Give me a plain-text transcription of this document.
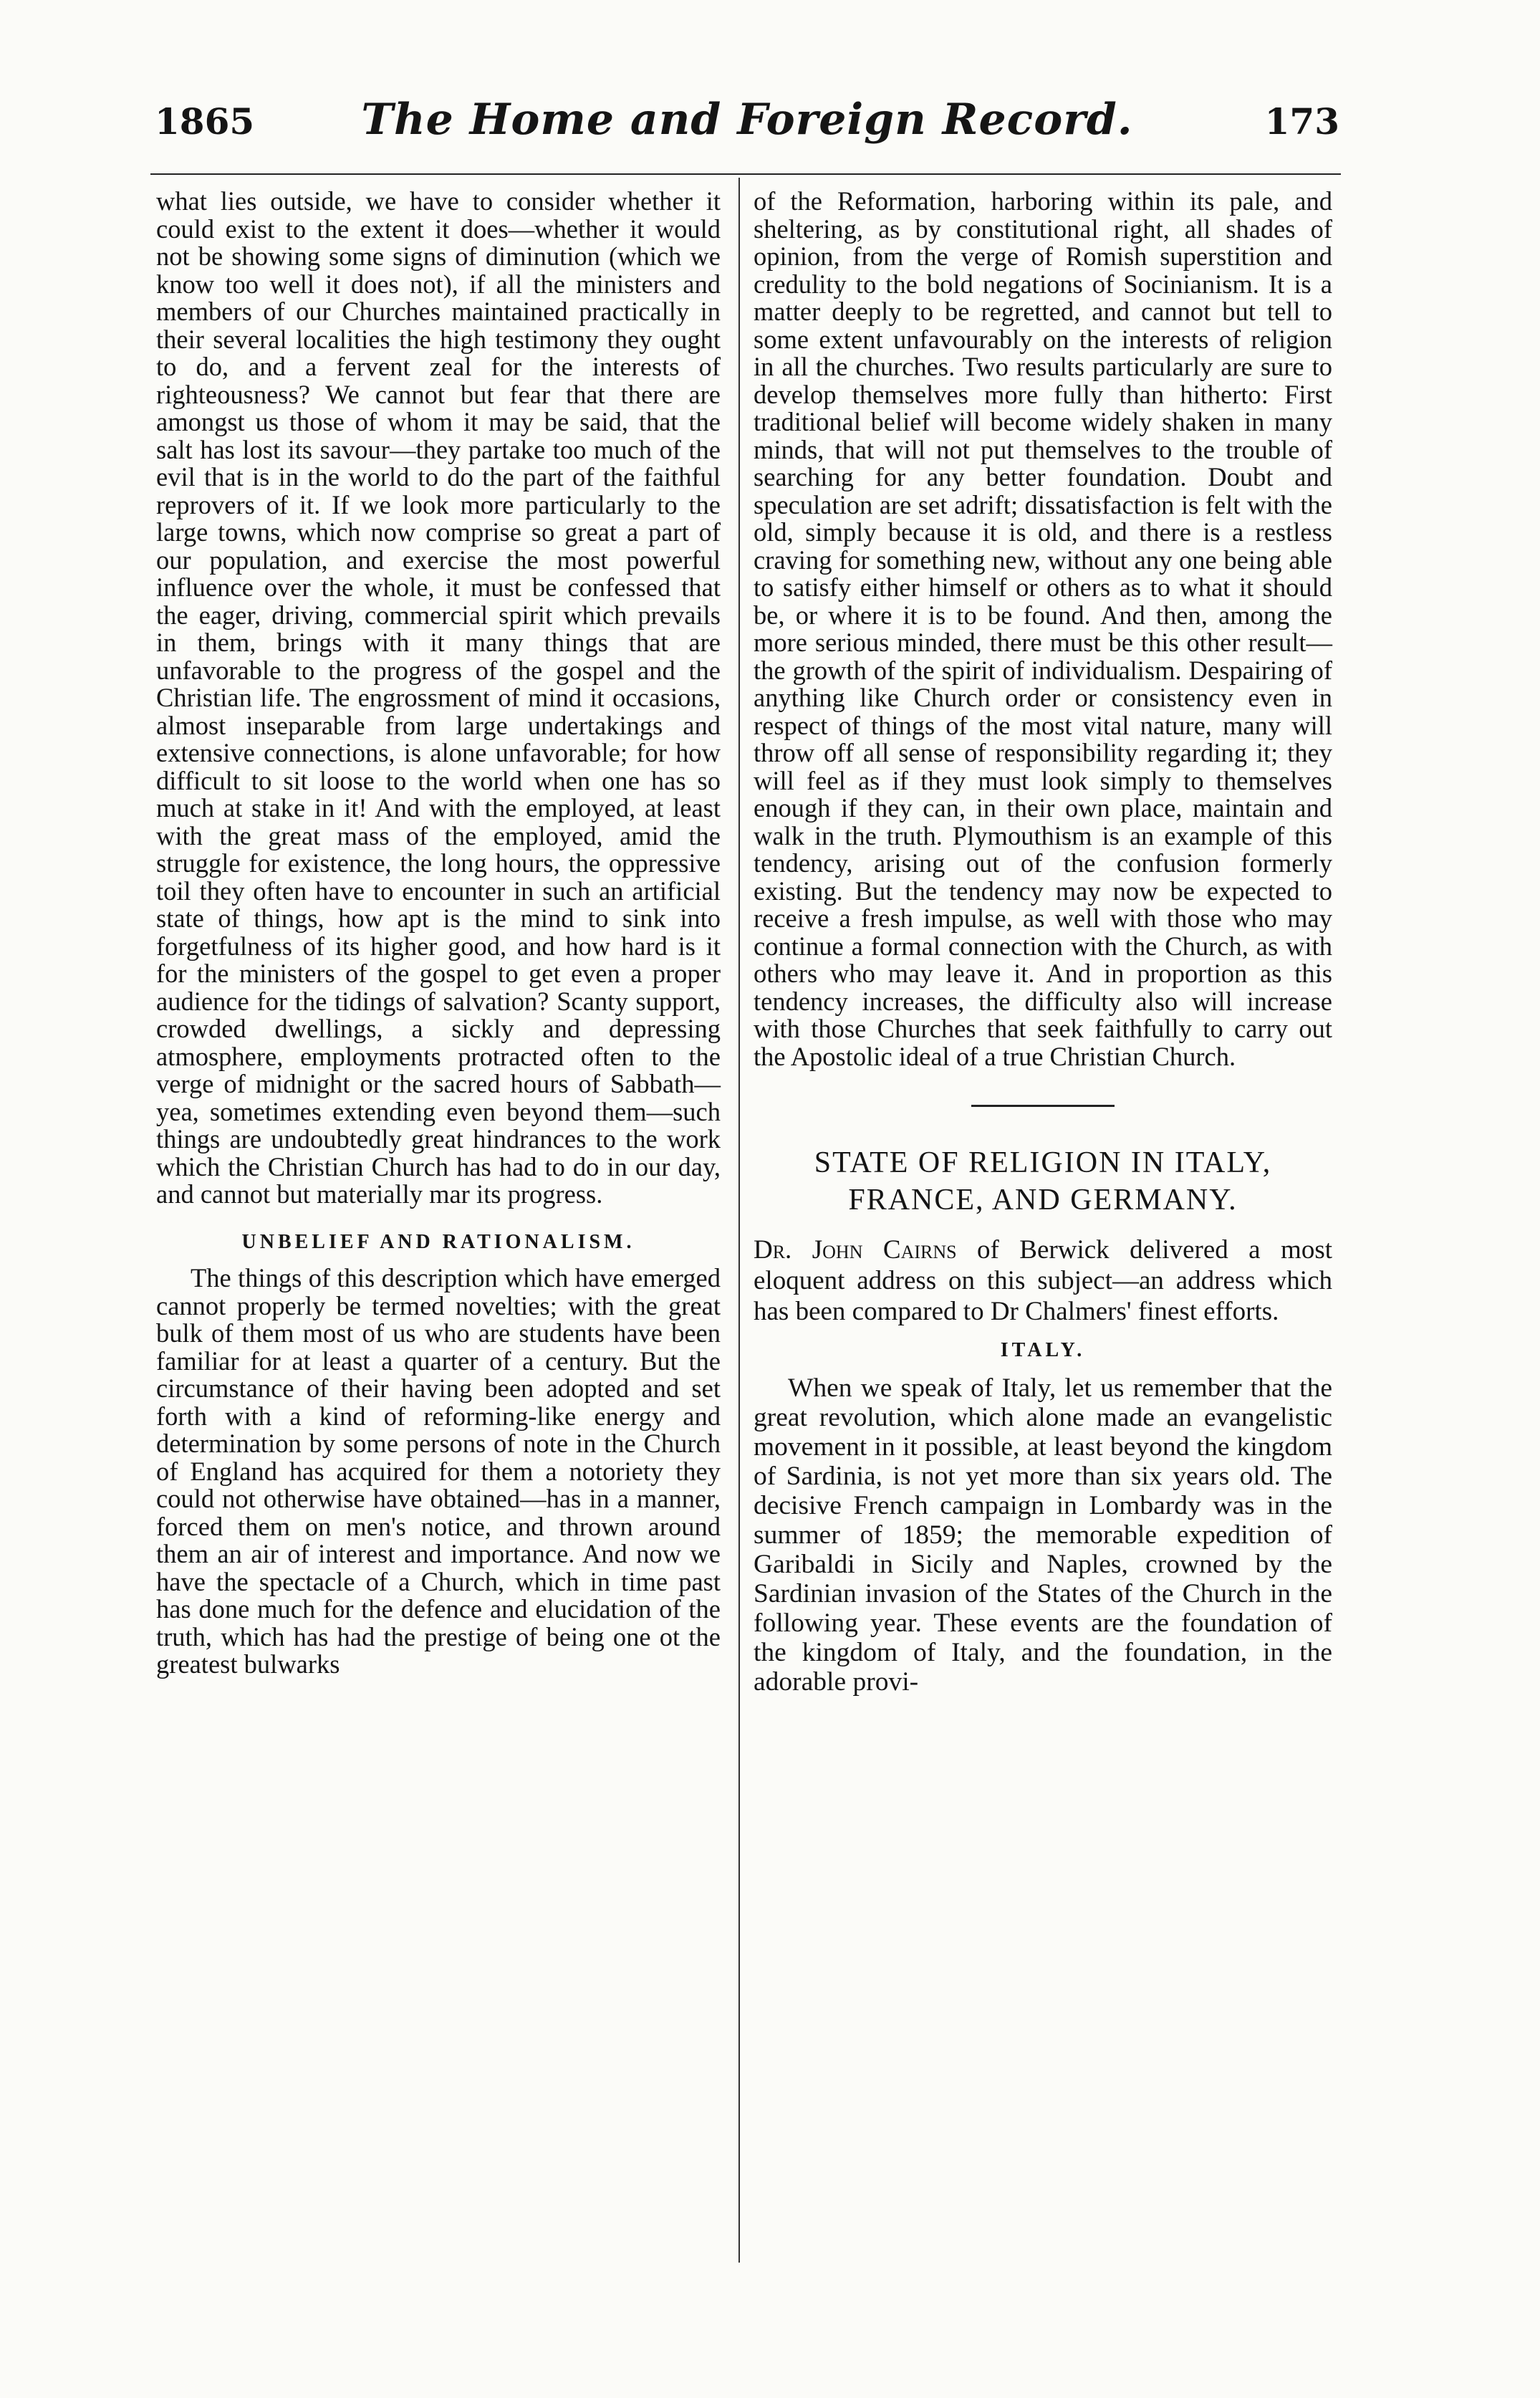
1865	The Home and Foreign Record.	173

what lies outside, we have to consider whether it could exist to the extent it does—whether it would not be showing some signs of diminution (which we know too well it does not), if all the ministers and members of our Churches maintained practically in their several localities the high testimony they ought to do, and a fervent zeal for the interests of righteousness? We cannot but fear that there are amongst us those of whom it may be said, that the salt has lost its savour—they partake too much of the evil that is in the world to do the part of the faithful reprovers of it. If we look more particularly to the large towns, which now comprise so great a part of our population, and exercise the most powerful influence over the whole, it must be confessed that the eager, driving, commercial spirit which prevails in them, brings with it many things that are unfavorable to the progress of the gospel and the Christian life. The engrossment of mind it occasions, almost inseparable from large undertakings and extensive connections, is alone unfavorable; for how difficult to sit loose to the world when one has so much at stake in it! And with the employed, at least with the great mass of the employed, amid the struggle for existence, the long hours, the oppressive toil they often have to encounter in such an artificial state of things, how apt is the mind to sink into forgetfulness of its higher good, and how hard is it for the ministers of the gospel to get even a proper audience for the tidings of salvation? Scanty support, crowded dwellings, a sickly and depressing atmosphere, employments protracted often to the verge of midnight or the sacred hours of Sabbath—yea, sometimes extending even beyond them—such things are undoubtedly great hindrances to the work which the Christian Church has had to do in our day, and cannot but materially mar its progress.

UNBELIEF AND RATIONALISM.

The things of this description which have emerged cannot properly be termed novelties; with the great bulk of them most of us who are students have been familiar for at least a quarter of a century. But the circumstance of their having been adopted and set forth with a kind of reforming-like energy and determination by some persons of note in the Church of England has acquired for them a notoriety they could not otherwise have obtained—has in a manner, forced them on men's notice, and thrown around them an air of interest and importance. And now we have the spectacle of a Church, which in time past has done much for the defence and elucidation of the truth, which has had the prestige of being one ot the greatest bulwarks

of the Reformation, harboring within its pale, and sheltering, as by constitutional right, all shades of opinion, from the verge of Romish superstition and credulity to the bold negations of Socinianism. It is a matter deeply to be regretted, and cannot but tell to some extent unfavourably on the interests of religion in all the churches. Two results particularly are sure to develop themselves more fully than hitherto: First traditional belief will become widely shaken in many minds, that will not put themselves to the trouble of searching for any better foundation. Doubt and speculation are set adrift; dissatisfaction is felt with the old, simply because it is old, and there is a restless craving for something new, without any one being able to satisfy either himself or others as to what it should be, or where it is to be found. And then, among the more serious minded, there must be this other result—the growth of the spirit of individualism. Despairing of anything like Church order or consistency even in respect of things of the most vital nature, many will throw off all sense of responsibility regarding it; they will feel as if they must look simply to themselves enough if they can, in their own place, maintain and walk in the truth. Plymouthism is an example of this tendency, arising out of the confusion formerly existing. But the tendency may now be expected to receive a fresh impulse, as well with those who may continue a formal connection with the Church, as with others who may leave it. And in proportion as this tendency increases, the difficulty also will increase with those Churches that seek faithfully to carry out the Apostolic ideal of a true Christian Church.

STATE OF RELIGION IN ITALY, FRANCE, AND GERMANY.

Dr. John Cairns of Berwick delivered a most eloquent address on this subject—an address which has been compared to Dr Chalmers' finest efforts.

ITALY.

When we speak of Italy, let us remember that the great revolution, which alone made an evangelistic movement in it possible, at least beyond the kingdom of Sardinia, is not yet more than six years old. The decisive French campaign in Lombardy was in the summer of 1859; the memorable expedition of Garibaldi in Sicily and Naples, crowned by the Sardinian invasion of the States of the Church in the following year. These events are the foundation of the kingdom of Italy, and the foundation, in the adorable provi-
